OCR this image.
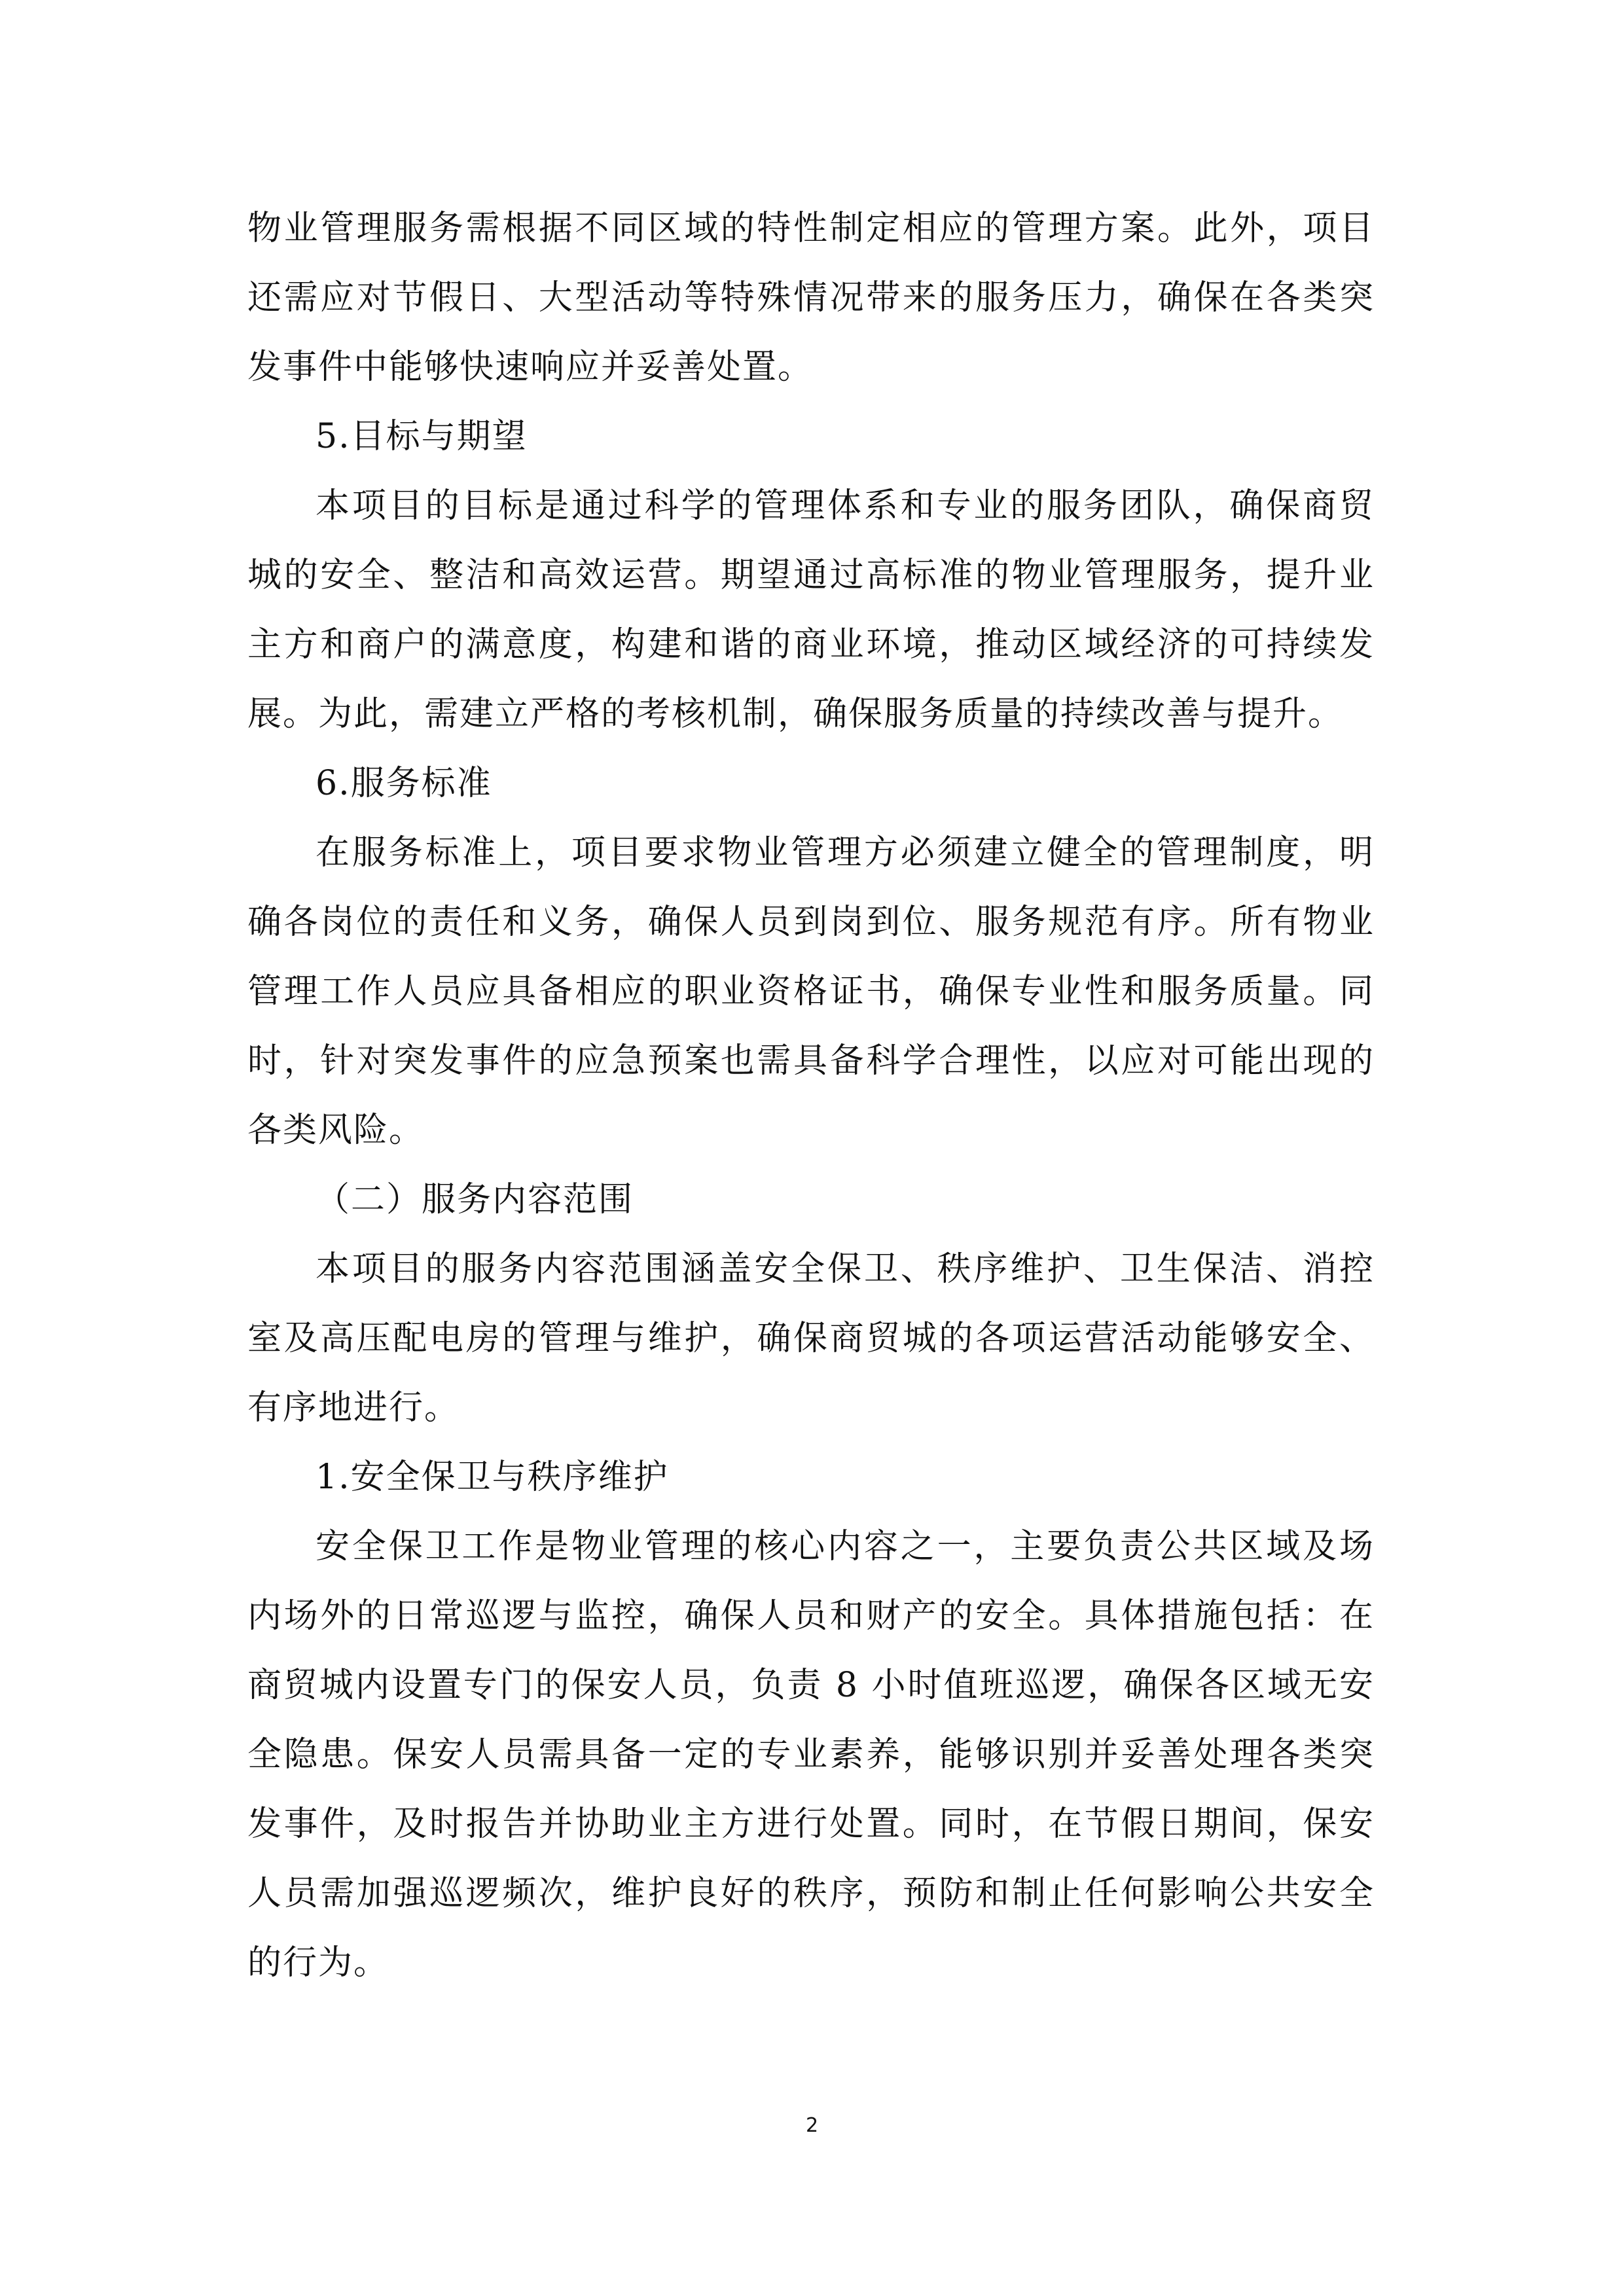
物业管理服务需根据不同区域的特性制定相应的管理方案。此外，项目还需应对节假日、大型活动等特殊情况带来的服务压力，确保在各类突发事件中能够快速响应并妥善处置。

5.目标与期望

本项目的目标是通过科学的管理体系和专业的服务团队，确保商贸城的安全、整洁和高效运营。期望通过高标准的物业管理服务，提升业主方和商户的满意度，构建和谐的商业环境，推动区域经济的可持续发展。为此，需建立严格的考核机制，确保服务质量的持续改善与提升。

6.服务标准

在服务标准上，项目要求物业管理方必须建立健全的管理制度，明确各岗位的责任和义务，确保人员到岗到位、服务规范有序。所有物业管理工作人员应具备相应的职业资格证书，确保专业性和服务质量。同时，针对突发事件的应急预案也需具备科学合理性，以应对可能出现的各类风险。

（二）服务内容范围

本项目的服务内容范围涵盖安全保卫、秩序维护、卫生保洁、消控室及高压配电房的管理与维护，确保商贸城的各项运营活动能够安全、有序地进行。

1.安全保卫与秩序维护

安全保卫工作是物业管理的核心内容之一，主要负责公共区域及场内场外的日常巡逻与监控，确保人员和财产的安全。具体措施包括：在商贸城内设置专门的保安人员，负责 8 小时值班巡逻，确保各区域无安全隐患。保安人员需具备一定的专业素养，能够识别并妥善处理各类突发事件，及时报告并协助业主方进行处置。同时，在节假日期间，保安人员需加强巡逻频次，维护良好的秩序，预防和制止任何影响公共安全的行为。

2
